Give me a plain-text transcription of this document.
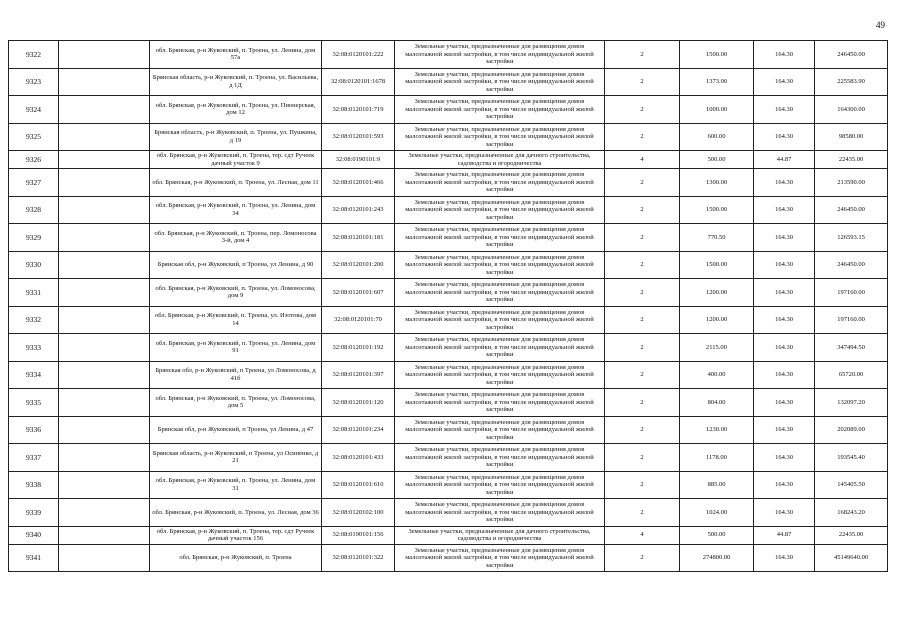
49
9322		обл. Брянская, р-н Жуковский, п. Троена, ул. Ленина, дом 57а	32:08:0120101:222	Земельные участки, предназначенные для размещения домов малоэтажной жилой застройки, в том числе индивидуальной жилой застройки	2	1500.00	164.30	246450.00
9323		Брянская область, р-н Жуковский, п. Троена, ул. Васильева, д 1Д	32:08:0120101:1678	Земельные участки, предназначенные для размещения домов малоэтажной жилой застройки, в том числе индивидуальной жилой застройки	2	1373.00	164.30	225583.90
9324		обл. Брянская, р-н Жуковский, п. Троена, ул. Пионерская, дом 12	32:08:0120101:719	Земельные участки, предназначенные для размещения домов малоэтажной жилой застройки, в том числе индивидуальной жилой застройки	2	1000.00	164.30	164300.00
9325		Брянская область, р-н Жуковский, п. Троена, ул. Пушкина, д 19	32:08:0120101:593	Земельные участки, предназначенные для размещения домов малоэтажной жилой застройки, в том числе индивидуальной жилой застройки	2	600.00	164.30	98580.00
9326		обл. Брянская, р-н Жуковский, п. Троена, тер. сдт Ручеек дачный участок 9	32:08:0190101:9	Земельные участки, предназначенные для дачного строительства, садоводства и огородничества	4	500.00	44.87	22435.00
9327		обл. Брянская, р-н Жуковский, п. Троена, ул. Лесная, дом 11	32:08:0120101:466	Земельные участки, предназначенные для размещения домов малоэтажной жилой застройки, в том числе индивидуальной жилой застройки	2	1300.00	164.30	213590.00
9328		обл. Брянская, р-н Жуковский, п. Троена, ул. Ленина, дом 34	32:08:0120101:243	Земельные участки, предназначенные для размещения домов малоэтажной жилой застройки, в том числе индивидуальной жилой застройки	2	1500.00	164.30	246450.00
9329		обл. Брянская, р-н Жуковский, п. Троена, пер. Ломоносова 3-й, дом 4	32:08:0120101:181	Земельные участки, предназначенные для размещения домов малоэтажной жилой застройки, в том числе индивидуальной жилой застройки	2	770.50	164.30	126593.15
9330		Брянская обл, р-н Жуковский, п Троена, ул Ленина, д 90	32:08:0120101:200	Земельные участки, предназначенные для размещения домов малоэтажной жилой застройки, в том числе индивидуальной жилой застройки	2	1500.00	164.30	246450.00
9331		обл. Брянская, р-н Жуковский, п. Троена, ул. Ломоносова, дом 9	32:08:0120101:607	Земельные участки, предназначенные для размещения домов малоэтажной жилой застройки, в том числе индивидуальной жилой застройки	2	1200.00	164.30	197160.00
9332		обл. Брянская, р-н Жуковский, п. Троена, ул. Изотова, дом 14	32:08:0120101:70	Земельные участки, предназначенные для размещения домов малоэтажной жилой застройки, в том числе индивидуальной жилой застройки	2	1200.00	164.30	197160.00
9333		обл. Брянская, р-н Жуковский, п. Троена, ул. Ленина, дом 91	32:08:0120101:192	Земельные участки, предназначенные для размещения домов малоэтажной жилой застройки, в том числе индивидуальной жилой застройки	2	2115.00	164.30	347494.50
9334		Брянская обл, р-н Жуковский, п Троена, ул Ломоносова, д 41б	32:08:0120101:397	Земельные участки, предназначенные для размещения домов малоэтажной жилой застройки, в том числе индивидуальной жилой застройки	2	400.00	164.30	65720.00
9335		обл. Брянская, р-н Жуковский, п. Троена, ул. Ломоносова, дом 5	32:08:0120101:120	Земельные участки, предназначенные для размещения домов малоэтажной жилой застройки, в том числе индивидуальной жилой застройки	2	804.00	164.30	132097.20
9336		Брянская обл, р-н Жуковский, п Троена, ул Ленина, д 47	32:08:0120101:234	Земельные участки, предназначенные для размещения домов малоэтажной жилой застройки, в том числе индивидуальной жилой застройки	2	1230.00	164.30	202089.00
9337		Брянская область, р-н Жуковский, п Троена, ул Осипенко, д 21	32:08:0120101:433	Земельные участки, предназначенные для размещения домов малоэтажной жилой застройки, в том числе индивидуальной жилой застройки	2	1178.00	164.30	193545.40
9338		обл. Брянская, р-н Жуковский, п. Троена, ул. Ленина, дом 31	32:08:0120101:610	Земельные участки, предназначенные для размещения домов малоэтажной жилой застройки, в том числе индивидуальной жилой застройки	2	885.00	164.30	145405.50
9339		обл. Брянская, р-н Жуковский, п. Троена, ул. Лесная, дом 36	32:08:0120102:100	Земельные участки, предназначенные для размещения домов малоэтажной жилой застройки, в том числе индивидуальной жилой застройки	2	1024.00	164.30	168243.20
9340		обл. Брянская, р-н Жуковский, п. Троена, тер. сдт Ручеек дачный участок 156	32:08:0190101:156	Земельные участки, предназначенные для дачного строительства, садоводства и огородничества	4	500.00	44.87	22435.00
9341		обл. Брянская, р-н Жуковский, п. Троена	32:08:0120101:322	Земельные участки, предназначенные для размещения домов малоэтажной жилой застройки, в том числе индивидуальной жилой застройки	2	274800.00	164.30	45149640.00
